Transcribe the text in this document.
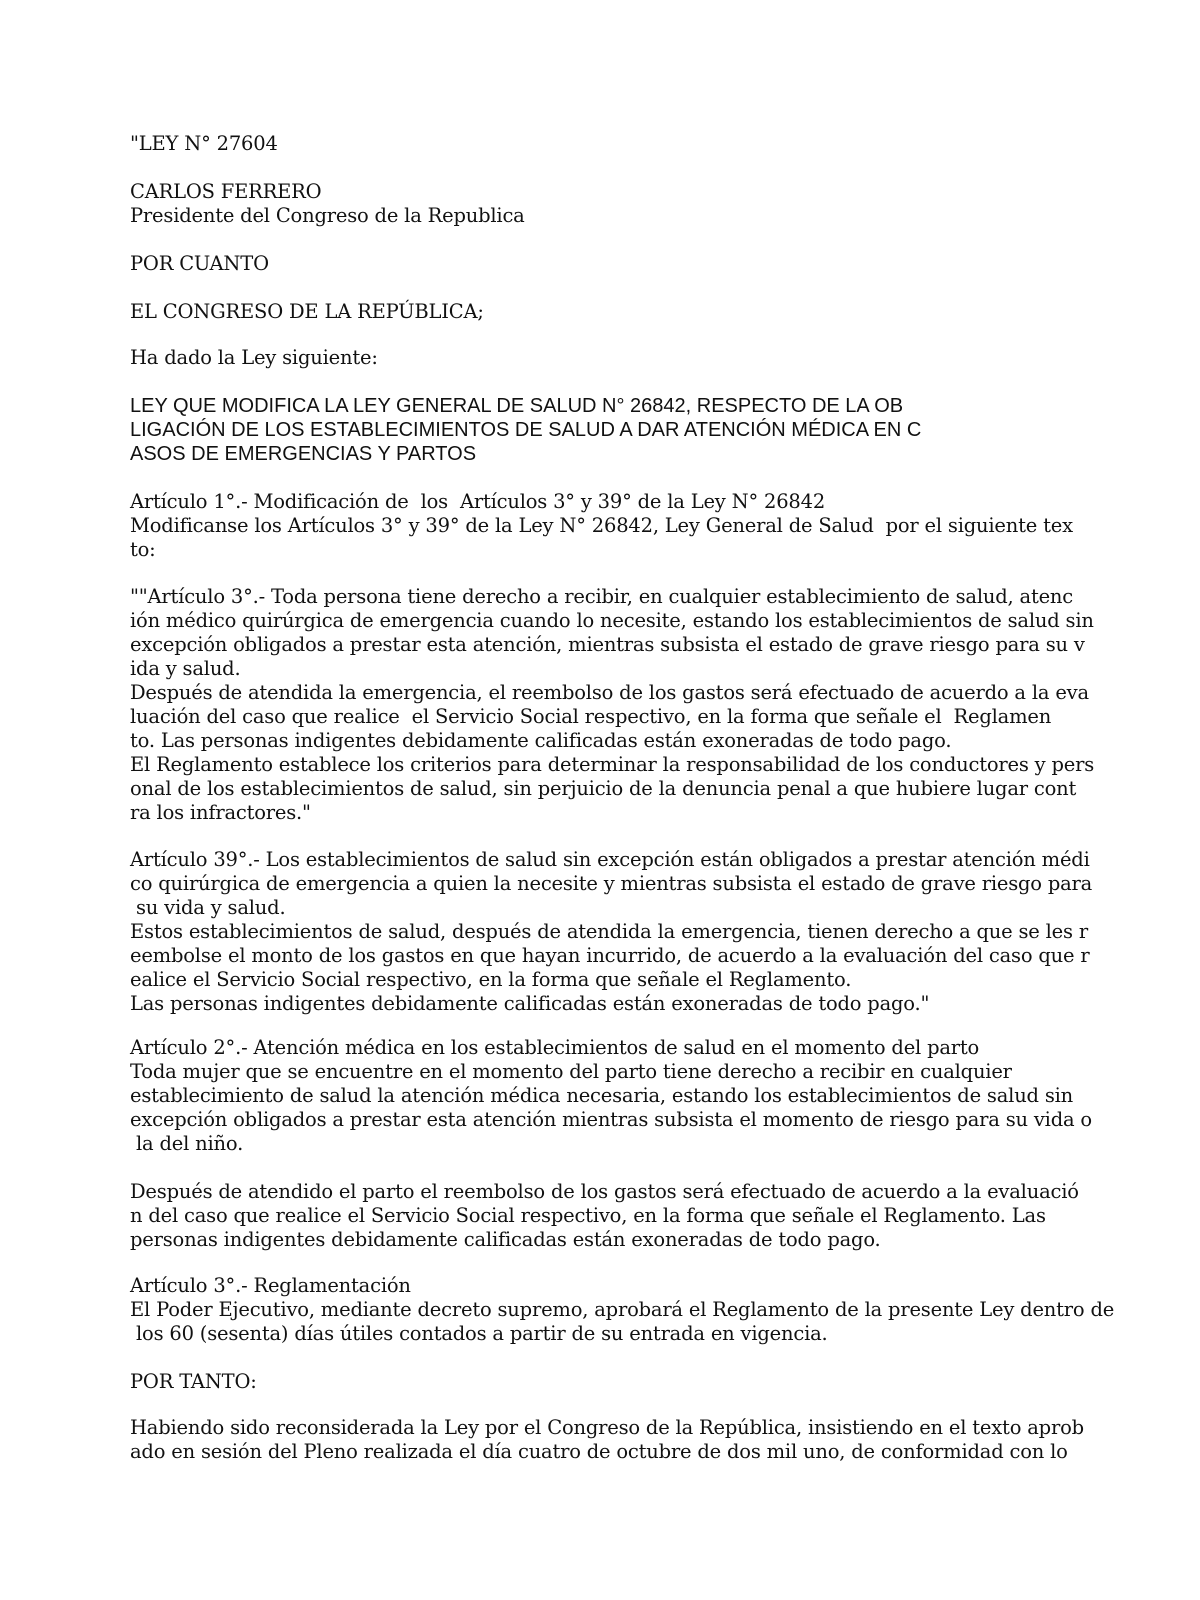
"LEY N° 27604
CARLOS FERRERO
Presidente del Congreso de la Republica
POR CUANTO
EL CONGRESO DE LA REPÚBLICA;
Ha dado la Ley siguiente:
LEY QUE MODIFICA LA LEY GENERAL DE SALUD N° 26842, RESPECTO DE LA OB
LIGACIÓN DE LOS ESTABLECIMIENTOS DE SALUD A DAR ATENCIÓN MÉDICA EN C
ASOS DE EMERGENCIAS Y PARTOS
Artículo 1°.- Modificación de  los  Artículos 3° y 39° de la Ley N° 26842
Modificanse los Artículos 3° y 39° de la Ley N° 26842, Ley General de Salud  por el siguiente tex
to:
""Artículo 3°.- Toda persona tiene derecho a recibir, en cualquier establecimiento de salud, atenc
ión médico quirúrgica de emergencia cuando lo necesite, estando los establecimientos de salud sin
excepción obligados a prestar esta atención, mientras subsista el estado de grave riesgo para su v
ida y salud.
Después de atendida la emergencia, el reembolso de los gastos será efectuado de acuerdo a la eva
luación del caso que realice  el Servicio Social respectivo, en la forma que señale el  Reglamen
to. Las personas indigentes debidamente calificadas están exoneradas de todo pago.
El Reglamento establece los criterios para determinar la responsabilidad de los conductores y pers
onal de los establecimientos de salud, sin perjuicio de la denuncia penal a que hubiere lugar cont
ra los infractores."
Artículo 39°.- Los establecimientos de salud sin excepción están obligados a prestar atención médi
co quirúrgica de emergencia a quien la necesite y mientras subsista el estado de grave riesgo para
su vida y salud.
Estos establecimientos de salud, después de atendida la emergencia, tienen derecho a que se les r
eembolse el monto de los gastos en que hayan incurrido, de acuerdo a la evaluación del caso que r
ealice el Servicio Social respectivo, en la forma que señale el Reglamento.
Las personas indigentes debidamente calificadas están exoneradas de todo pago."
Artículo 2°.- Atención médica en los establecimientos de salud en el momento del parto
Toda mujer que se encuentre en el momento del parto tiene derecho a recibir en cualquier
establecimiento de salud la atención médica necesaria, estando los establecimientos de salud sin
excepción obligados a prestar esta atención mientras subsista el momento de riesgo para su vida o
la del niño.
Después de atendido el parto el reembolso de los gastos será efectuado de acuerdo a la evaluació
n del caso que realice el Servicio Social respectivo, en la forma que señale el Reglamento. Las
personas indigentes debidamente calificadas están exoneradas de todo pago.
Artículo 3°.- Reglamentación
El Poder Ejecutivo, mediante decreto supremo, aprobará el Reglamento de la presente Ley dentro de
los 60 (sesenta) días útiles contados a partir de su entrada en vigencia.
POR TANTO:
Habiendo sido reconsiderada la Ley por el Congreso de la República, insistiendo en el texto aprob
ado en sesión del Pleno realizada el día cuatro de octubre de dos mil uno, de conformidad con lo
